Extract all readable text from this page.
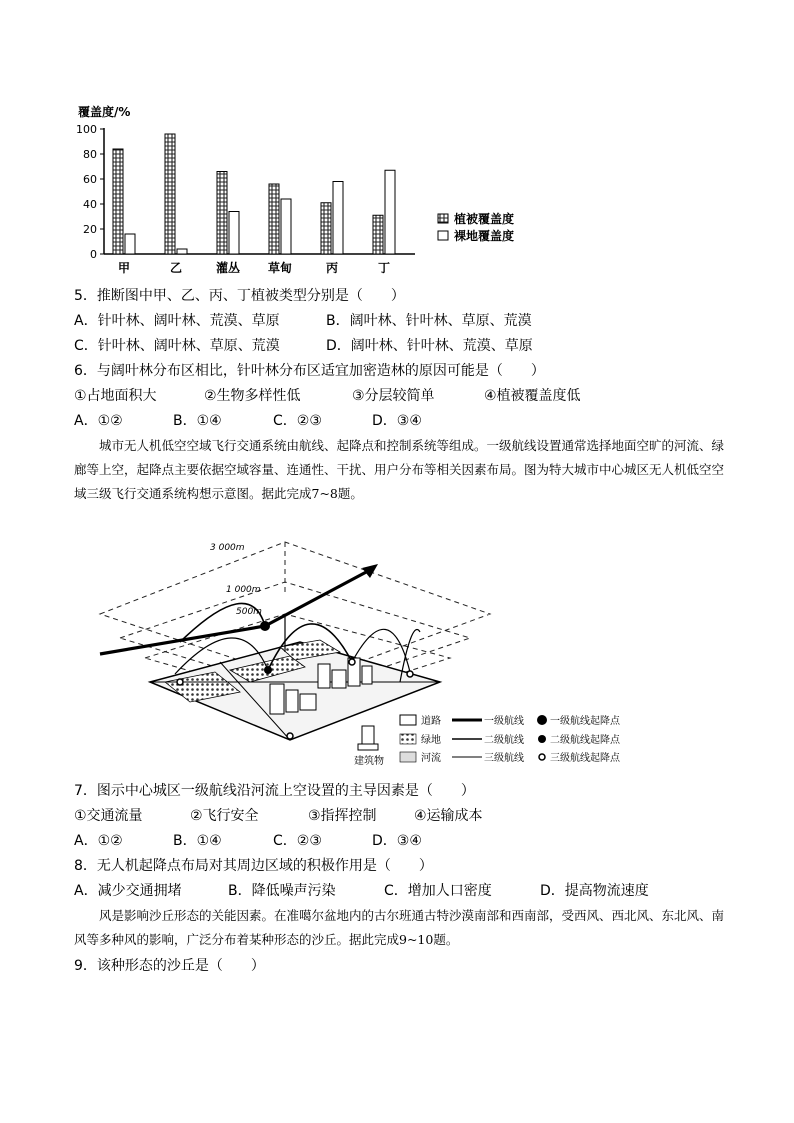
覆盖度/%
0
20
40
60
80
100
甲	乙	灌丛 草甸	丙	丁
植被覆盖度
裸地覆盖度
5．推断图中甲、乙、丙、丁植被类型分别是（　　）
A．针叶林、阔叶林、荒漠、草原	B．阔叶林、针叶林、草原、荒漠
C．针叶林、阔叶林、草原、荒漠	D．阔叶林、针叶林、荒漠、草原
6．与阔叶林分布区相比，针叶林分布区适宜加密造林的原因可能是（　　）
①占地面积大	②生物多样性低	③分层较简单	④植被覆盖度低
A．①②	B．①④	C．②③	D．③④
城市无人机低空空域飞行交通系统由航线、起降点和控制系统等组成。一级航线设置通常选择地面空旷的河流、绿廊等上空，起降点主要依据空域容量、连通性、干扰、用户分布等相关因素布局。图为特大城市中心城区无人机低空空域三级飞行交通系统构想示意图。据此完成7~8题。
3 000m
1 000m
500m
道路
绿地
河流
建筑物
一级航线
二级航线
三级航线
一级航线起降点
二级航线起降点
三级航线起降点
7．图示中心城区一级航线沿河流上空设置的主导因素是（　　）
①交通流量	②飞行安全	③指挥控制	④运输成本
A．①②	B．①④	C．②③	D．③④
8．无人机起降点布局对其周边区域的积极作用是（　　）
A．减少交通拥堵	B．降低噪声污染	C．增加人口密度	D．提高物流速度
风是影响沙丘形态的关能因素。在准噶尔盆地内的古尔班通古特沙漠南部和西南部，受西风、西北风、东北风、南风等多种风的影响，广泛分布着某种形态的沙丘。据此完成9~10题。
9．该种形态的沙丘是（　　）
